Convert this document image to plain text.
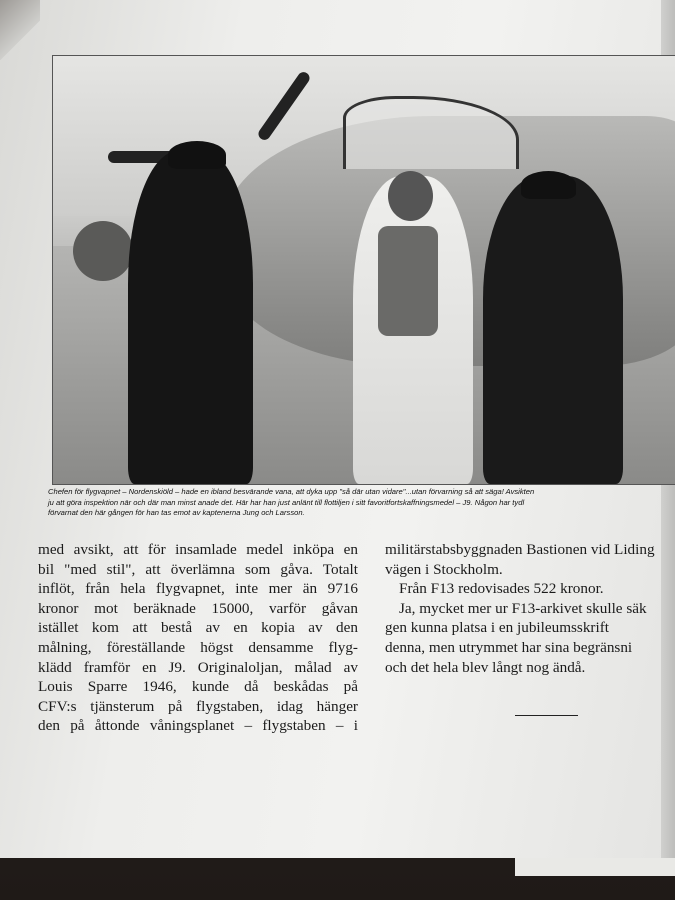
Chefen för flygvapnet – Nordenskiöld – hade en ibland besvärande vana, att dyka upp "så där utan vidare"...utan förvarning så att säga! Avsikten
ju att göra inspektion när och där man minst anade det. Här har han just anlänt till flottiljen i sitt favoritfortskaffningsmedel – J9. Någon har tydl
förvarnat den här gången för han tas emot av kaptenerna Jung och Larsson.
med avsikt, att för insamlade medel inköpa en
bil "med stil", att överlämna som gåva. Totalt
inflöt, från hela flygvapnet, inte mer än 9716
kronor mot beräknade 15000, varför gåvan
istället kom att bestå av en kopia av den
målning, föreställande högst densamme flyg-
klädd framför en J9. Originaloljan, målad av
Louis Sparre 1946, kunde då beskådas på
CFV:s tjänsterum på flygstaben, idag hänger
den på åttonde våningsplanet – flygstaben – i
militärstabsbyggnaden Bastionen vid Liding
vägen i Stockholm.
Från F13 redovisades 522 kronor.
Ja, mycket mer ur F13-arkivet skulle säk
gen kunna platsa i en jubileumsskrift
denna, men utrymmet har sina begränsni
och det hela blev långt nog ändå.
